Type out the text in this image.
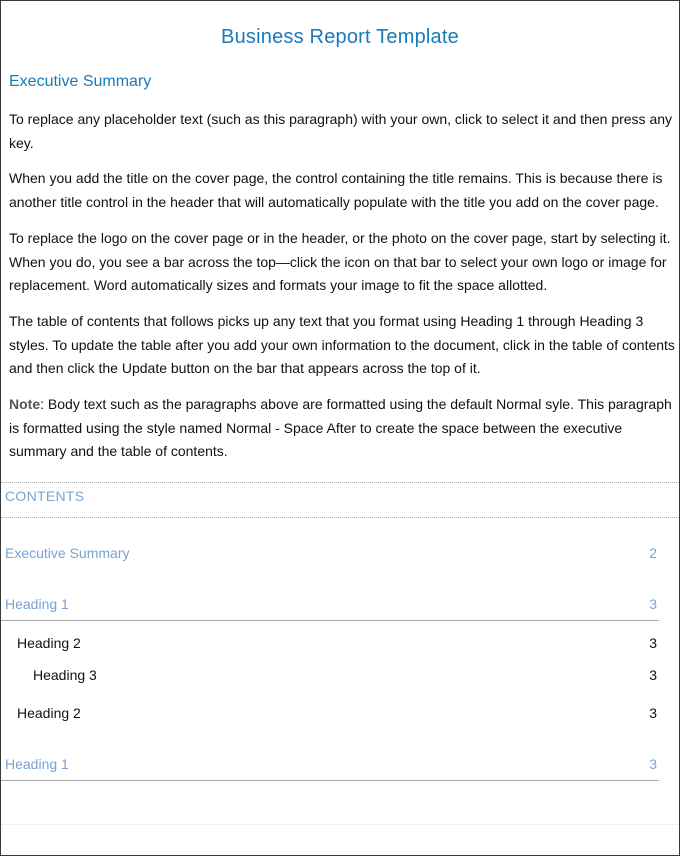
Business Report Template
Executive Summary
To replace any placeholder text (such as this paragraph) with your own, click to select it and then press any key.
When you add the title on the cover page, the control containing the title remains. This is because there is another title control in the header that will automatically populate with the title you add on the cover page.
To replace the logo on the cover page or in the header, or the photo on the cover page, start by selecting it. When you do, you see a bar across the top—click the icon on that bar to select your own logo or image for replacement. Word automatically sizes and formats your image to fit the space allotted.
The table of contents that follows picks up any text that you format using Heading 1 through Heading 3 styles. To update the table after you add your own information to the document, click in the table of contents and then click the Update button on the bar that appears across the top of it.
Note: Body text such as the paragraphs above are formatted using the default Normal syle. This paragraph is formatted using the style named Normal - Space After to create the space between the executive summary and the table of contents.
CONTENTS
Executive Summary	2
Heading 1	3
Heading 2	3
Heading 3	3
Heading 2	3
Heading 1	3
